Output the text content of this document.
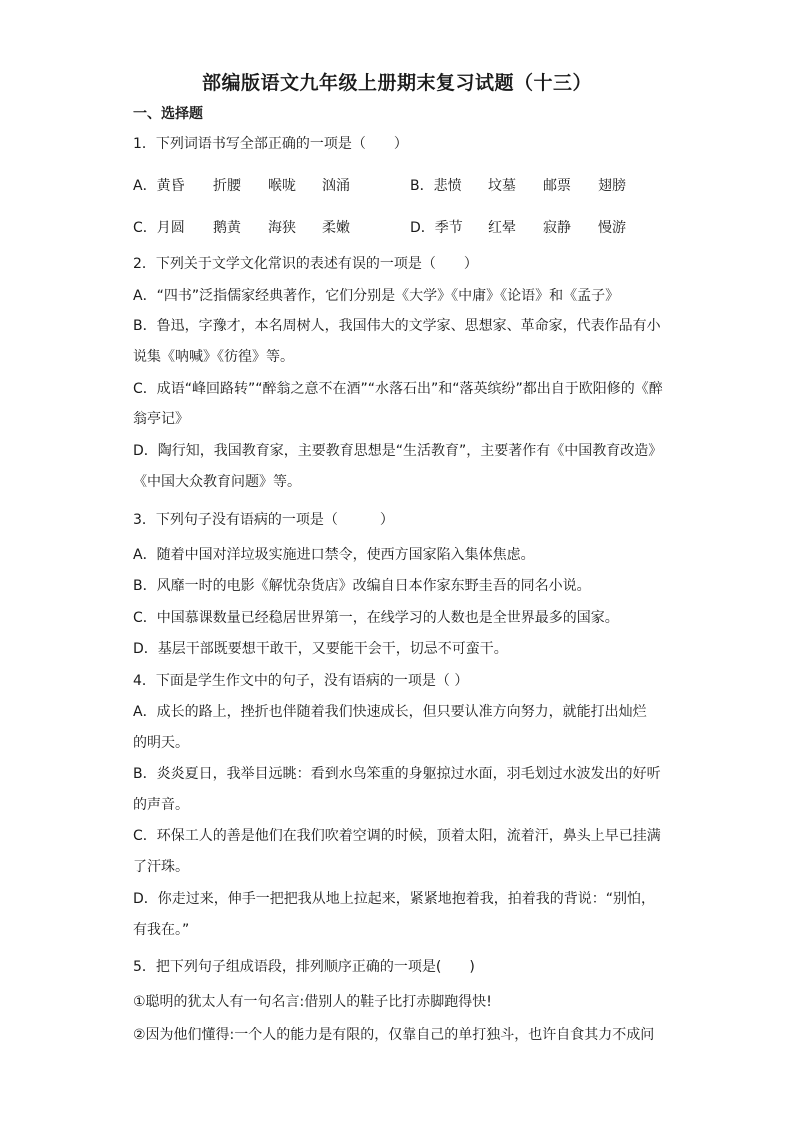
部编版语文九年级上册期末复习试题（十三）
一、选择题
1．下列词语书写全部正确的一项是（　　）
A．黄昏 折腰 喉咙 汹涌	B．悲愤 坟墓 邮票 翅膀
C．月圆 鹅黄 海狭 柔嫩	D．季节 红晕 寂静 慢游
2．下列关于文学文化常识的表述有误的一项是（　　）
A．“四书”泛指儒家经典著作，它们分别是《大学》《中庸》《论语》和《孟子》
B．鲁迅，字豫才，本名周树人，我国伟大的文学家、思想家、革命家，代表作品有小
说集《呐喊》《彷徨》等。
C．成语“峰回路转”“醉翁之意不在酒”“水落石出”和“落英缤纷”都出自于欧阳修的《醉
翁亭记》
D．陶行知，我国教育家，主要教育思想是“生活教育”，主要著作有《中国教育改造》
《中国大众教育问题》等。
3．下列句子没有语病的一项是（　　　）
A．随着中国对洋垃圾实施进口禁令，使西方国家陷入集体焦虑。
B．风靡一时的电影《解忧杂货店》改编自日本作家东野圭吾的同名小说。
C．中国慕课数量已经稳居世界第一，在线学习的人数也是全世界最多的国家。
D．基层干部既要想干敢干，又要能干会干，切忌不可蛮干。
4．下面是学生作文中的句子，没有语病的一项是（ ）
A．成长的路上，挫折也伴随着我们快速成长，但只要认准方向努力，就能打出灿烂
的明天。
B．炎炎夏日，我举目远眺：看到水鸟笨重的身躯掠过水面，羽毛划过水波发出的好听
的声音。
C．环保工人的善是他们在我们吹着空调的时候，顶着太阳，流着汗，鼻头上早已挂满
了汗珠。
D．你走过来，伸手一把把我从地上拉起来，紧紧地抱着我，拍着我的背说：“别怕，
有我在。”
5．把下列句子组成语段，排列顺序正确的一项是(　　)
①聪明的犹太人有一句名言:借别人的鞋子比打赤脚跑得快!
②因为他们懂得:一个人的能力是有限的，仅靠自己的单打独斗，也许自食其力不成问
